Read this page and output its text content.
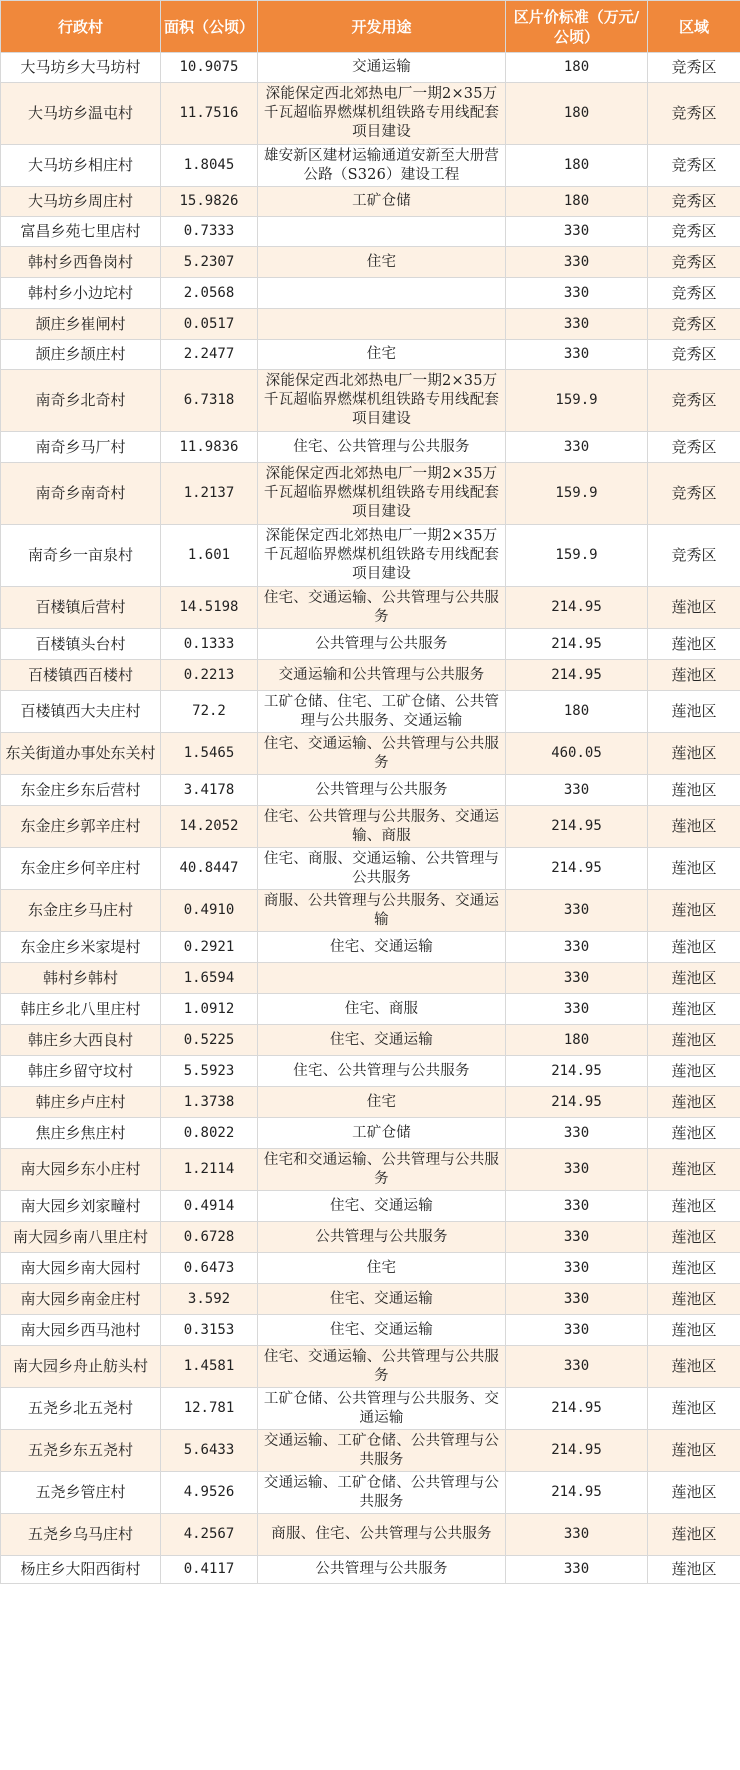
行政村	面积（公顷）	开发用途	区片价标准（万元/公顷）	区域
大马坊乡大马坊村	10.9075	交通运输	180	竞秀区
大马坊乡温屯村	11.7516	深能保定西北郊热电厂一期2×35万千瓦超临界燃煤机组铁路专用线配套项目建设	180	竞秀区
大马坊乡相庄村	1.8045	雄安新区建材运输通道安新至大册营公路（S326）建设工程	180	竞秀区
大马坊乡周庄村	15.9826	工矿仓储	180	竞秀区
富昌乡苑七里店村	0.7333		330	竞秀区
韩村乡西鲁岗村	5.2307	住宅	330	竞秀区
韩村乡小边坨村	2.0568		330	竞秀区
颉庄乡崔闸村	0.0517		330	竞秀区
颉庄乡颉庄村	2.2477	住宅	330	竞秀区
南奇乡北奇村	6.7318	深能保定西北郊热电厂一期2×35万千瓦超临界燃煤机组铁路专用线配套项目建设	159.9	竞秀区
南奇乡马厂村	11.9836	住宅、公共管理与公共服务	330	竞秀区
南奇乡南奇村	1.2137	深能保定西北郊热电厂一期2×35万千瓦超临界燃煤机组铁路专用线配套项目建设	159.9	竞秀区
南奇乡一亩泉村	1.601	深能保定西北郊热电厂一期2×35万千瓦超临界燃煤机组铁路专用线配套项目建设	159.9	竞秀区
百楼镇后营村	14.5198	住宅、交通运输、公共管理与公共服务	214.95	莲池区
百楼镇头台村	0.1333	公共管理与公共服务	214.95	莲池区
百楼镇西百楼村	0.2213	交通运输和公共管理与公共服务	214.95	莲池区
百楼镇西大夫庄村	72.2	工矿仓储、住宅、工矿仓储、公共管理与公共服务、交通运输	180	莲池区
东关街道办事处东关村	1.5465	住宅、交通运输、公共管理与公共服务	460.05	莲池区
东金庄乡东后营村	3.4178	公共管理与公共服务	330	莲池区
东金庄乡郭辛庄村	14.2052	住宅、公共管理与公共服务、交通运输、商服	214.95	莲池区
东金庄乡何辛庄村	40.8447	住宅、商服、交通运输、公共管理与公共服务	214.95	莲池区
东金庄乡马庄村	0.4910	商服、公共管理与公共服务、交通运输	330	莲池区
东金庄乡米家堤村	0.2921	住宅、交通运输	330	莲池区
韩村乡韩村	1.6594		330	莲池区
韩庄乡北八里庄村	1.0912	住宅、商服	330	莲池区
韩庄乡大西良村	0.5225	住宅、交通运输	180	莲池区
韩庄乡留守坟村	5.5923	住宅、公共管理与公共服务	214.95	莲池区
韩庄乡卢庄村	1.3738	住宅	214.95	莲池区
焦庄乡焦庄村	0.8022	工矿仓储	330	莲池区
南大园乡东小庄村	1.2114	住宅和交通运输、公共管理与公共服务	330	莲池区
南大园乡刘家疃村	0.4914	住宅、交通运输	330	莲池区
南大园乡南八里庄村	0.6728	公共管理与公共服务	330	莲池区
南大园乡南大园村	0.6473	住宅	330	莲池区
南大园乡南金庄村	3.592	住宅、交通运输	330	莲池区
南大园乡西马池村	0.3153	住宅、交通运输	330	莲池区
南大园乡舟止舫头村	1.4581	住宅、交通运输、公共管理与公共服务	330	莲池区
五尧乡北五尧村	12.781	工矿仓储、公共管理与公共服务、交通运输	214.95	莲池区
五尧乡东五尧村	5.6433	交通运输、工矿仓储、公共管理与公共服务	214.95	莲池区
五尧乡管庄村	4.9526	交通运输、工矿仓储、公共管理与公共服务	214.95	莲池区
五尧乡乌马庄村	4.2567	商服、住宅、公共管理与公共服务	330	莲池区
杨庄乡大阳西街村	0.4117	公共管理与公共服务	330	莲池区
